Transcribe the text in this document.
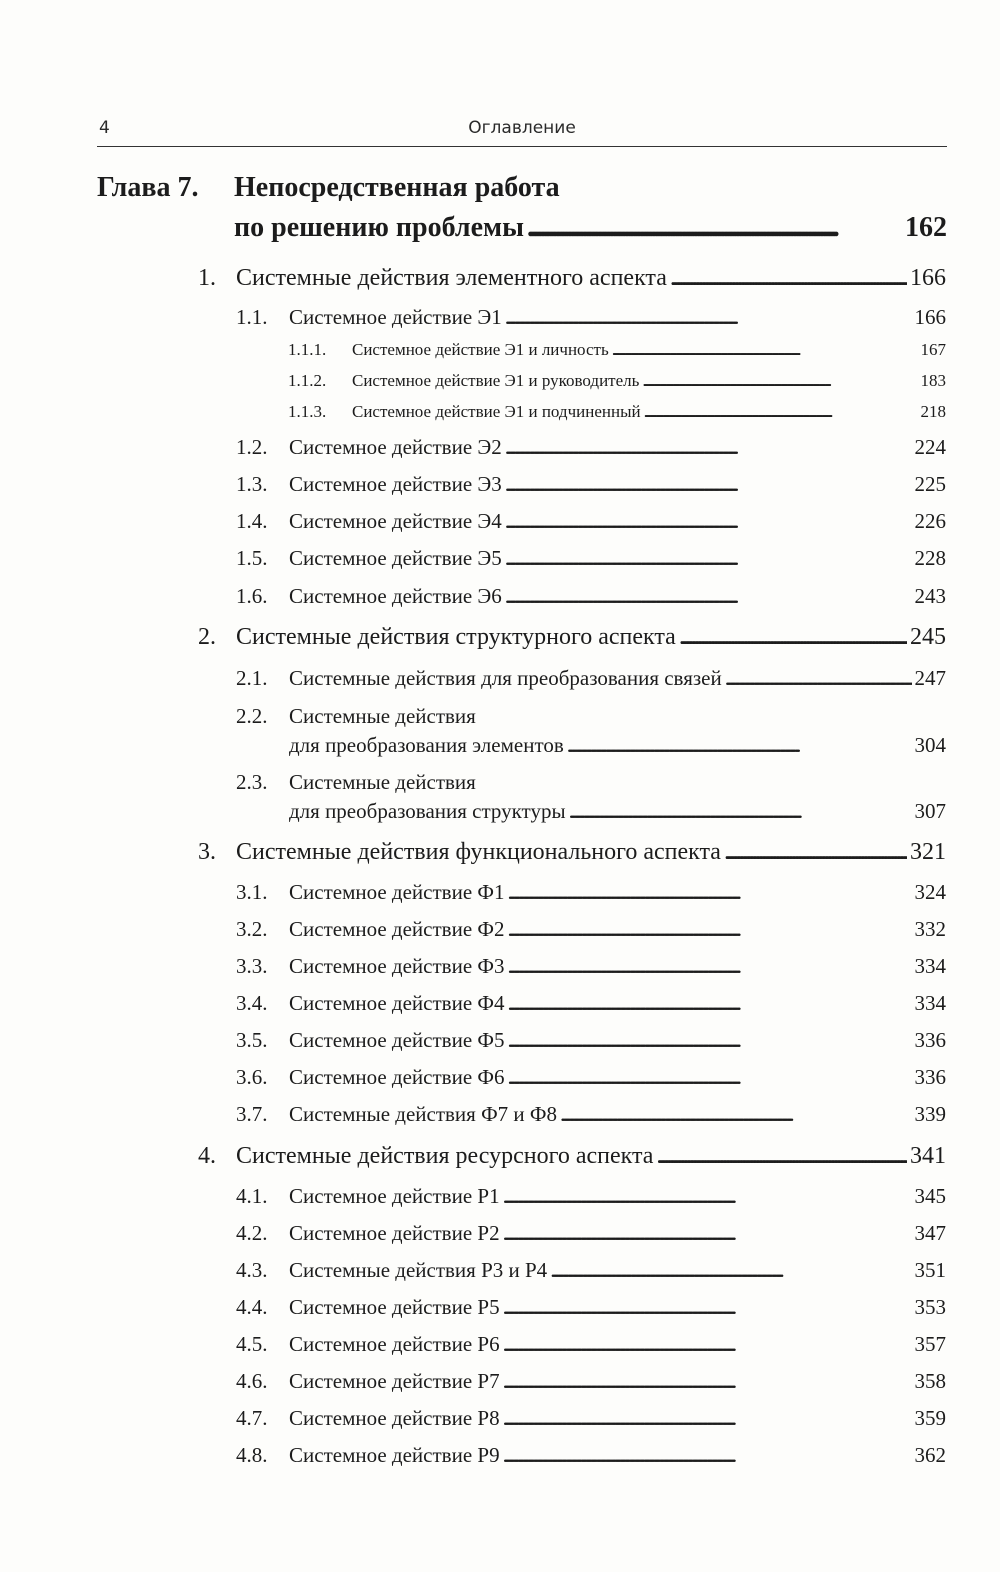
4	Оглавление
Глава 7. Непосредственная работа
по решению проблемы . . .	162
1. Системные действия элементного аспекта . . .	166
1.1.	Системное действие Э1 . . .	166
1.1.1.	Системное действие Э1 и личность . . .	167
1.1.2.	Системное действие Э1 и руководитель . . .	183
1.1.3.	Системное действие Э1 и подчиненный . . .	218
1.2.	Системное действие Э2 . . .	224
1.3.	Системное действие Э3 . . .	225
1.4.	Системное действие Э4 . . .	226
1.5.	Системное действие Э5 . . .	228
1.6.	Системное действие Э6 . . .	243
2. Системные действия структурного аспекта . . .	245
2.1.	Системные действия для преобразования связей . . .	247
2.2. Системные действия
для преобразования элементов . . .	304
2.3. Системные действия
для преобразования структуры . . .	307
3. Системные действия функционального аспекта . . .	321
3.1.	Системное действие Ф1 . . .	324
3.2.	Системное действие Ф2 . . .	332
3.3.	Системное действие Ф3 . . .	334
3.4.	Системное действие Ф4 . . .	334
3.5.	Системное действие Ф5 . . .	336
3.6.	Системное действие Ф6 . . .	336
3.7.	Системные действия Ф7 и Ф8 . . .	339
4. Системные действия ресурсного аспекта . . .	341
4.1.	Системное действие Р1 . . .	345
4.2.	Системное действие Р2 . . .	347
4.3.	Системные действия Р3 и Р4 . . .	351
4.4.	Системное действие Р5 . . .	353
4.5.	Системное действие Р6 . . .	357
4.6.	Системное действие Р7 . . .	358
4.7.	Системное действие Р8 . . .	359
4.8.	Системное действие Р9 . . .	362
